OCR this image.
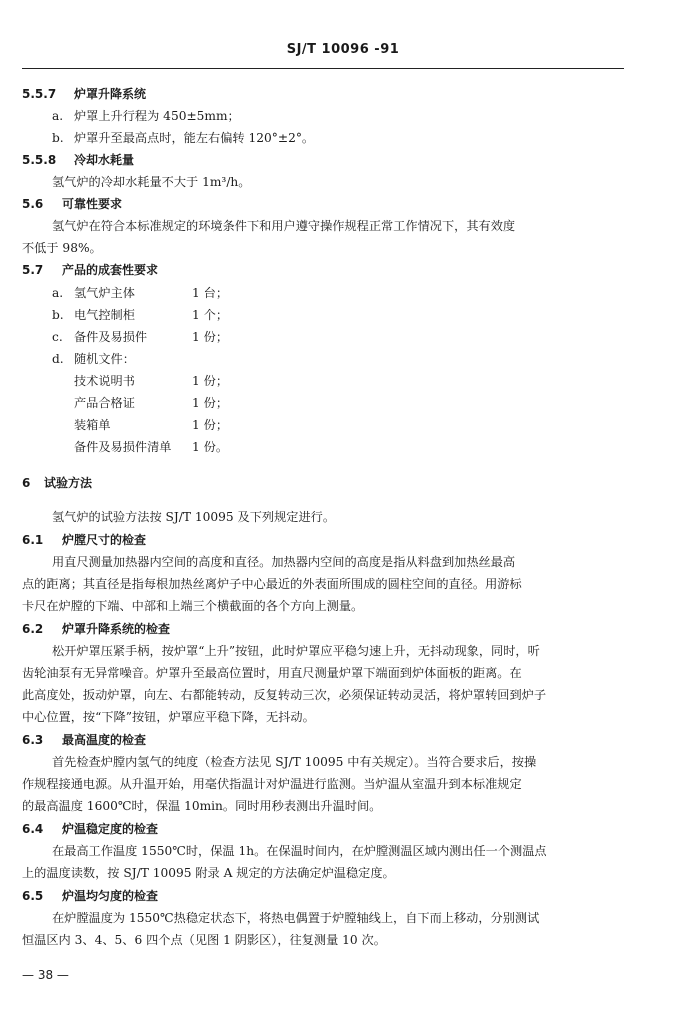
SJ/T 10096 -91
5.5.7 炉罩升降系统
a. 炉罩上升行程为 450±5mm；
b. 炉罩升至最高点时，能左右偏转 120°±2°。
5.5.8 冷却水耗量
氢气炉的冷却水耗量不大于 1m³/h。
5.6 可靠性要求
氢气炉在符合本标准规定的环境条件下和用户遵守操作规程正常工作情况下，其有效度
不低于 98%。
5.7 产品的成套性要求
a. 氢气炉主体	1 台；
b. 电气控制柜	1 个；
c. 备件及易损件	1 份；
d. 随机文件：
技术说明书	1 份；
产品合格证	1 份；
装箱单	1 份；
备件及易损件清单 1 份。
6 试验方法
氢气炉的试验方法按 SJ/T 10095 及下列规定进行。
6.1 炉膛尺寸的检查
用直尺测量加热器内空间的高度和直径。加热器内空间的高度是指从料盘到加热丝最高
点的距离；其直径是指每根加热丝离炉子中心最近的外表面所围成的圆柱空间的直径。用游标
卡尺在炉膛的下端、中部和上端三个横截面的各个方向上测量。
6.2 炉罩升降系统的检查
松开炉罩压紧手柄，按炉罩“上升”按钮，此时炉罩应平稳匀速上升，无抖动现象，同时，听
齿轮油泵有无异常噪音。炉罩升至最高位置时，用直尺测量炉罩下端面到炉体面板的距离。在
此高度处，扳动炉罩，向左、右都能转动，反复转动三次，必须保证转动灵活，将炉罩转回到炉子
中心位置，按“下降”按钮，炉罩应平稳下降，无抖动。
6.3 最高温度的检查
首先检查炉膛内氢气的纯度（检查方法见 SJ/T 10095 中有关规定）。当符合要求后，按操
作规程接通电源。从升温开始，用毫伏指温计对炉温进行监测。当炉温从室温升到本标准规定
的最高温度 1600℃时，保温 10min。同时用秒表测出升温时间。
6.4 炉温稳定度的检查
在最高工作温度 1550℃时，保温 1h。在保温时间内，在炉膛测温区域内测出任一个测温点
上的温度读数，按 SJ/T 10095 附录 A 规定的方法确定炉温稳定度。
6.5 炉温均匀度的检查
在炉膛温度为 1550℃热稳定状态下，将热电偶置于炉膛轴线上，自下而上移动，分别测试
恒温区内 3、4、5、6 四个点（见图 1 阴影区），往复测量 10 次。
— 38 —
